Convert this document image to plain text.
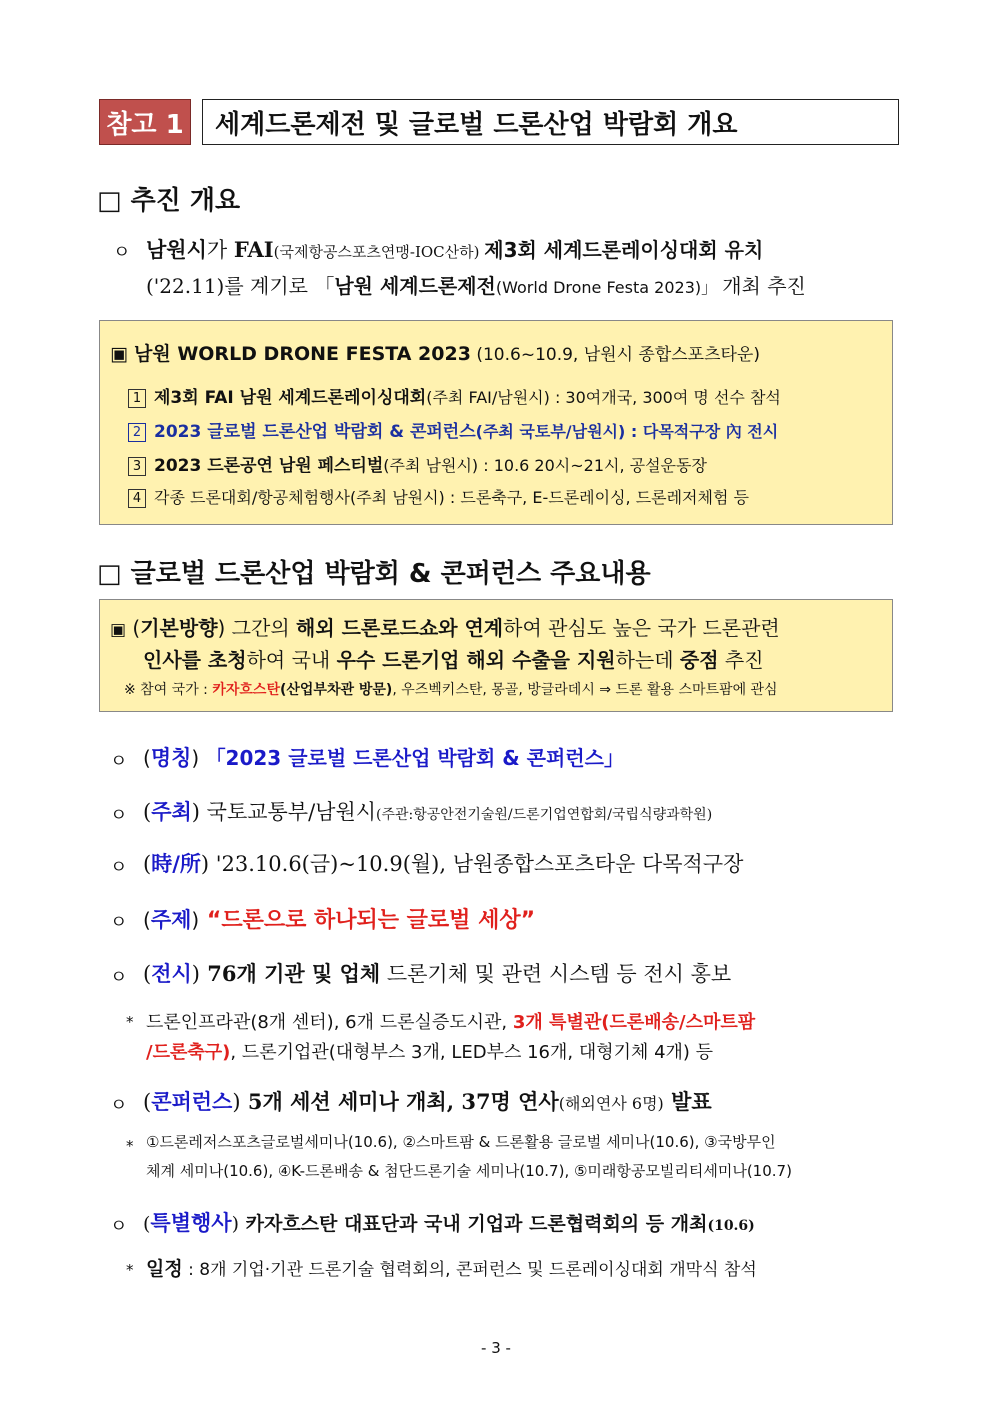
참고 1	세계드론제전 및 글로벌 드론산업 박람회 개요
□ 추진 개요
ㅇ 남원시가 FAI(국제항공스포츠연맹-IOC산하) 제3회 세계드론레이싱대회 유치
('22.11)를 계기로 「남원 세계드론제전(World Drone Festa 2023)」 개최 추진
▣ 남원 WORLD DRONE FESTA 2023 (10.6~10.9, 남원시 종합스포츠타운)
1 제3회 FAI 남원 세계드론레이싱대회(주최 FAI/남원시) : 30여개국, 300여 명 선수 참석
2 2023 글로벌 드론산업 박람회 & 콘퍼런스(주최 국토부/남원시) : 다목적구장 內 전시
3 2023 드론공연 남원 페스티벌(주최 남원시) : 10.6 20시~21시, 공설운동장
4 각종 드론대회/항공체험행사(주최 남원시) : 드론축구, E-드론레이싱, 드론레저체험 등
□ 글로벌 드론산업 박람회 & 콘퍼런스 주요내용
▣ (기본방향) 그간의 해외 드론로드쇼와 연계하여 관심도 높은 국가 드론관련
인사를 초청하여 국내 우수 드론기업 해외 수출을 지원하는데 중점 추진
※ 참여 국가 : 카자흐스탄(산업부차관 방문), 우즈벡키스탄, 몽골, 방글라데시 ⇒ 드론 활용 스마트팜에 관심
ㅇ (명칭) 「2023 글로벌 드론산업 박람회 & 콘퍼런스」
ㅇ (주최) 국토교통부/남원시(주관:항공안전기술원/드론기업연합회/국립식량과학원)
ㅇ (時/所) '23.10.6(금)~10.9(월), 남원종합스포츠타운 다목적구장
ㅇ (주제) “드론으로 하나되는 글로벌 세상”
ㅇ (전시) 76개 기관 및 업체 드론기체 및 관련 시스템 등 전시 홍보
* 드론인프라관(8개 센터), 6개 드론실증도시관, 3개 특별관(드론배송/스마트팜
/드론축구), 드론기업관(대형부스 3개, LED부스 16개, 대형기체 4개) 등
ㅇ (콘퍼런스) 5개 세션 세미나 개최, 37명 연사(해외연사 6명) 발표
* ①드론레저스포츠글로벌세미나(10.6), ②스마트팜 & 드론활용 글로벌 세미나(10.6), ③국방무인
체계 세미나(10.6), ④K-드론배송 & 첨단드론기술 세미나(10.7), ⑤미래항공모빌리티세미나(10.7)
ㅇ (특별행사) 카자흐스탄 대표단과 국내 기업과 드론협력회의 등 개최(10.6)
* 일정 : 8개 기업·기관 드론기술 협력회의, 콘퍼런스 및 드론레이싱대회 개막식 참석
- 3 -
